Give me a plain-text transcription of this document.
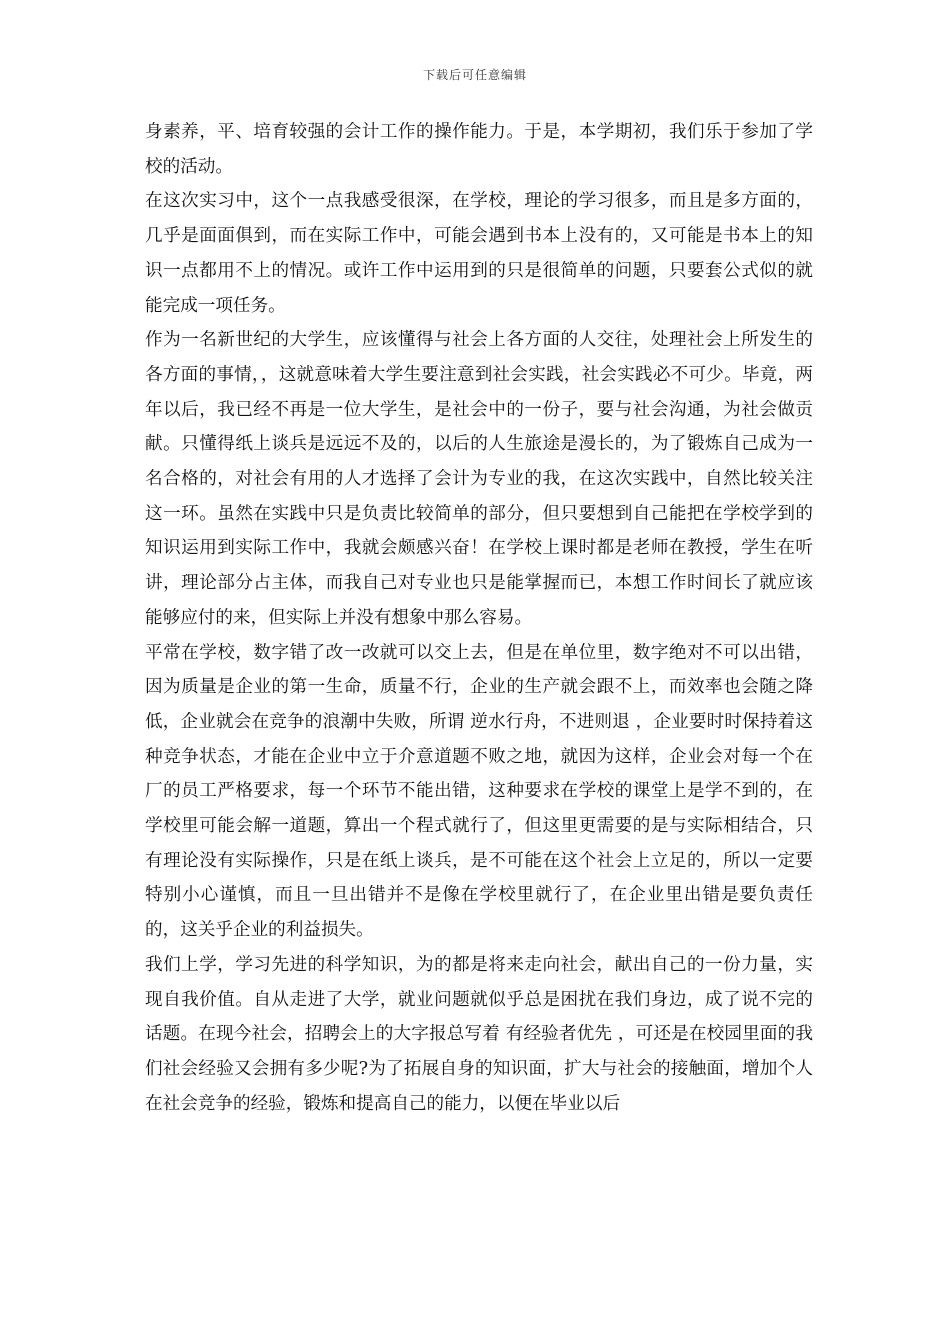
下载后可任意编辑

身素养，平、培育较强的会计工作的操作能力。于是，本学期初，我们乐于参加了学校的活动。

在这次实习中，这个一点我感受很深，在学校，理论的学习很多，而且是多方面的，几乎是面面俱到，而在实际工作中，可能会遇到书本上没有的，又可能是书本上的知识一点都用不上的情况。或许工作中运用到的只是很简单的问题，只要套公式似的就能完成一项任务。

作为一名新世纪的大学生，应该懂得与社会上各方面的人交往，处理社会上所发生的各方面的事情，，这就意味着大学生要注意到社会实践，社会实践必不可少。毕竟，两年以后，我已经不再是一位大学生，是社会中的一份子，要与社会沟通，为社会做贡献。只懂得纸上谈兵是远远不及的，以后的人生旅途是漫长的，为了锻炼自己成为一名合格的，对社会有用的人才选择了会计为专业的我，在这次实践中，自然比较关注这一环。虽然在实践中只是负责比较简单的部分，但只要想到自己能把在学校学到的知识运用到实际工作中，我就会颇感兴奋！在学校上课时都是老师在教授，学生在听讲，理论部分占主体，而我自己对专业也只是能掌握而已，本想工作时间长了就应该能够应付的来，但实际上并没有想象中那么容易。

平常在学校，数字错了改一改就可以交上去，但是在单位里，数字绝对不可以出错，因为质量是企业的第一生命，质量不行，企业的生产就会跟不上，而效率也会随之降低，企业就会在竞争的浪潮中失败，所谓 逆水行舟，不进则退 ，企业要时时保持着这种竞争状态，才能在企业中立于介意道题不败之地，就因为这样，企业会对每一个在厂的员工严格要求，每一个环节不能出错，这种要求在学校的课堂上是学不到的，在学校里可能会解一道题，算出一个程式就行了，但这里更需要的是与实际相结合，只有理论没有实际操作，只是在纸上谈兵，是不可能在这个社会上立足的，所以一定要特别小心谨慎，而且一旦出错并不是像在学校里就行了，在企业里出错是要负责任的，这关乎企业的利益损失。

我们上学，学习先进的科学知识，为的都是将来走向社会，献出自己的一份力量，实现自我价值。自从走进了大学，就业问题就似乎总是困扰在我们身边，成了说不完的话题。在现今社会，招聘会上的大字报总写着 有经验者优先 ，可还是在校园里面的我们社会经验又会拥有多少呢?为了拓展自身的知识面，扩大与社会的接触面，增加个人在社会竞争的经验，锻炼和提高自己的能力，以便在毕业以后
